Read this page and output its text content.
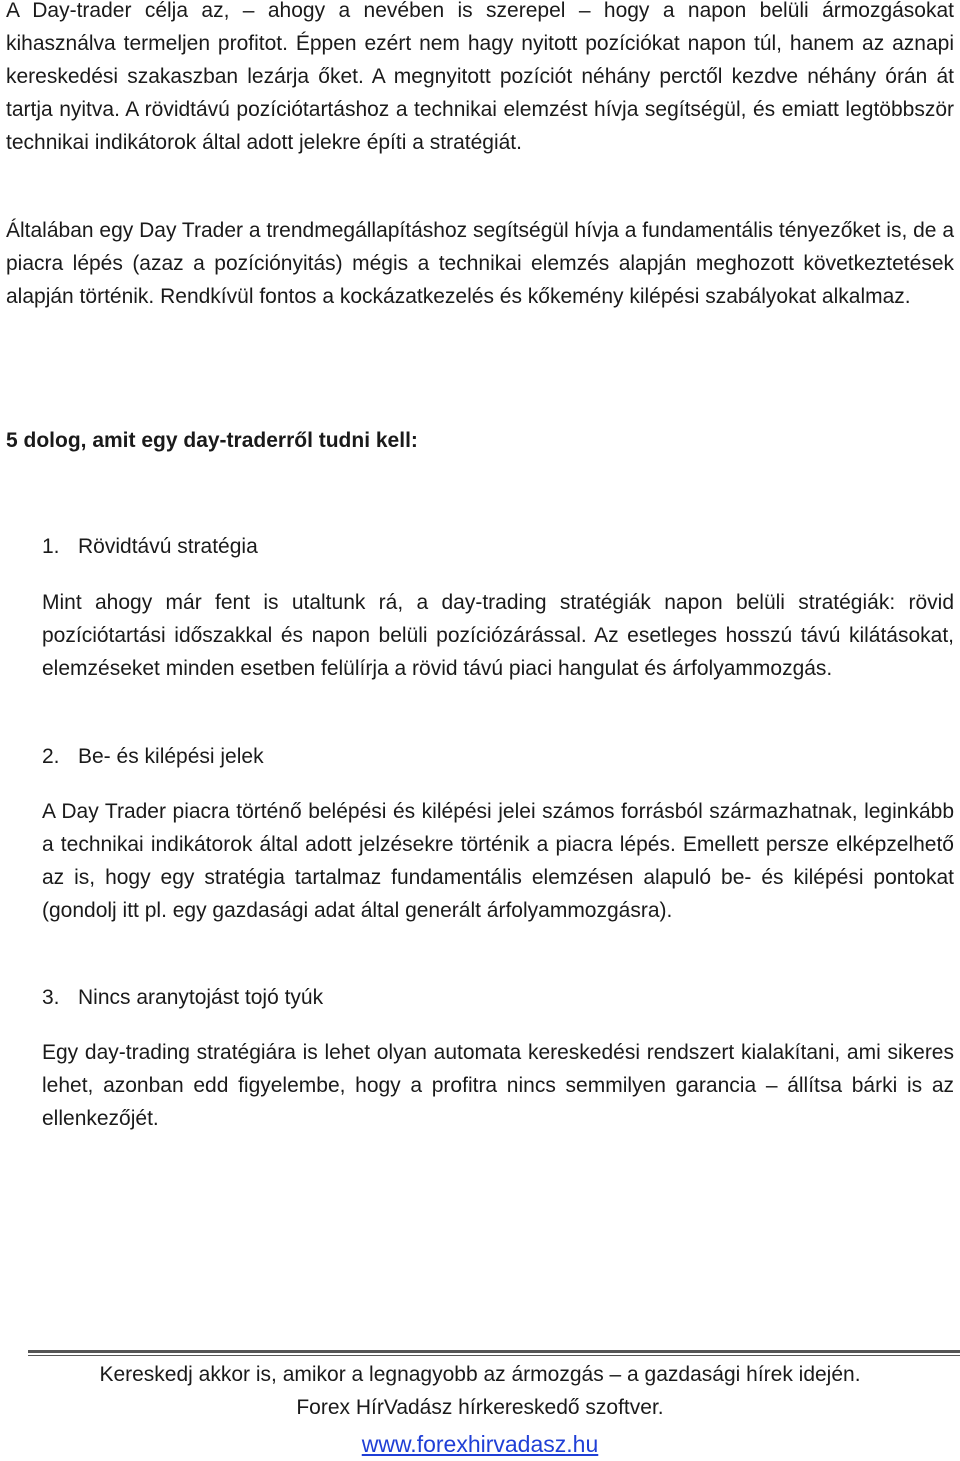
A Day-trader célja az, – ahogy a nevében is szerepel – hogy a napon belüli ármozgásokat kihasználva termeljen profitot. Éppen ezért nem hagy nyitott pozíciókat napon túl, hanem az aznapi kereskedési szakaszban lezárja őket. A megnyitott pozíciót néhány perctől kezdve néhány órán át tartja nyitva. A rövidtávú pozíciótartáshoz a technikai elemzést hívja segítségül, és emiatt legtöbbször technikai indikátorok által adott jelekre építi a stratégiát.

Általában egy Day Trader a trendmegállapításhoz segítségül hívja a fundamentális tényezőket is, de a piacra lépés (azaz a pozíciónyitás) mégis a technikai elemzés alapján meghozott következtetések alapján történik. Rendkívül fontos a kockázatkezelés és kőkemény kilépési szabályokat alkalmaz.

5 dolog, amit egy day-traderről tudni kell:

1. Rövidtávú stratégia

Mint ahogy már fent is utaltunk rá, a day-trading stratégiák napon belüli stratégiák: rövid pozíciótartási időszakkal és napon belüli pozíciózárással. Az esetleges hosszú távú kilátásokat, elemzéseket minden esetben felülírja a rövid távú piaci hangulat és árfolyammozgás.

2. Be- és kilépési jelek

A Day Trader piacra történő belépési és kilépési jelei számos forrásból származhatnak, leginkább a technikai indikátorok által adott jelzésekre történik a piacra lépés. Emellett persze elképzelhető az is, hogy egy stratégia tartalmaz fundamentális elemzésen alapuló be- és kilépési pontokat (gondolj itt pl. egy gazdasági adat által generált árfolyammozgásra).

3. Nincs aranytojást tojó tyúk

Egy day-trading stratégiára is lehet olyan automata kereskedési rendszert kialakítani, ami sikeres lehet, azonban edd figyelembe, hogy a profitra nincs semmilyen garancia – állítsa bárki is az ellenkezőjét.

Kereskedj akkor is, amikor a legnagyobb az ármozgás – a gazdasági hírek idején.

Forex HírVadász hírkereskedő szoftver.

www.forexhirvadasz.hu
